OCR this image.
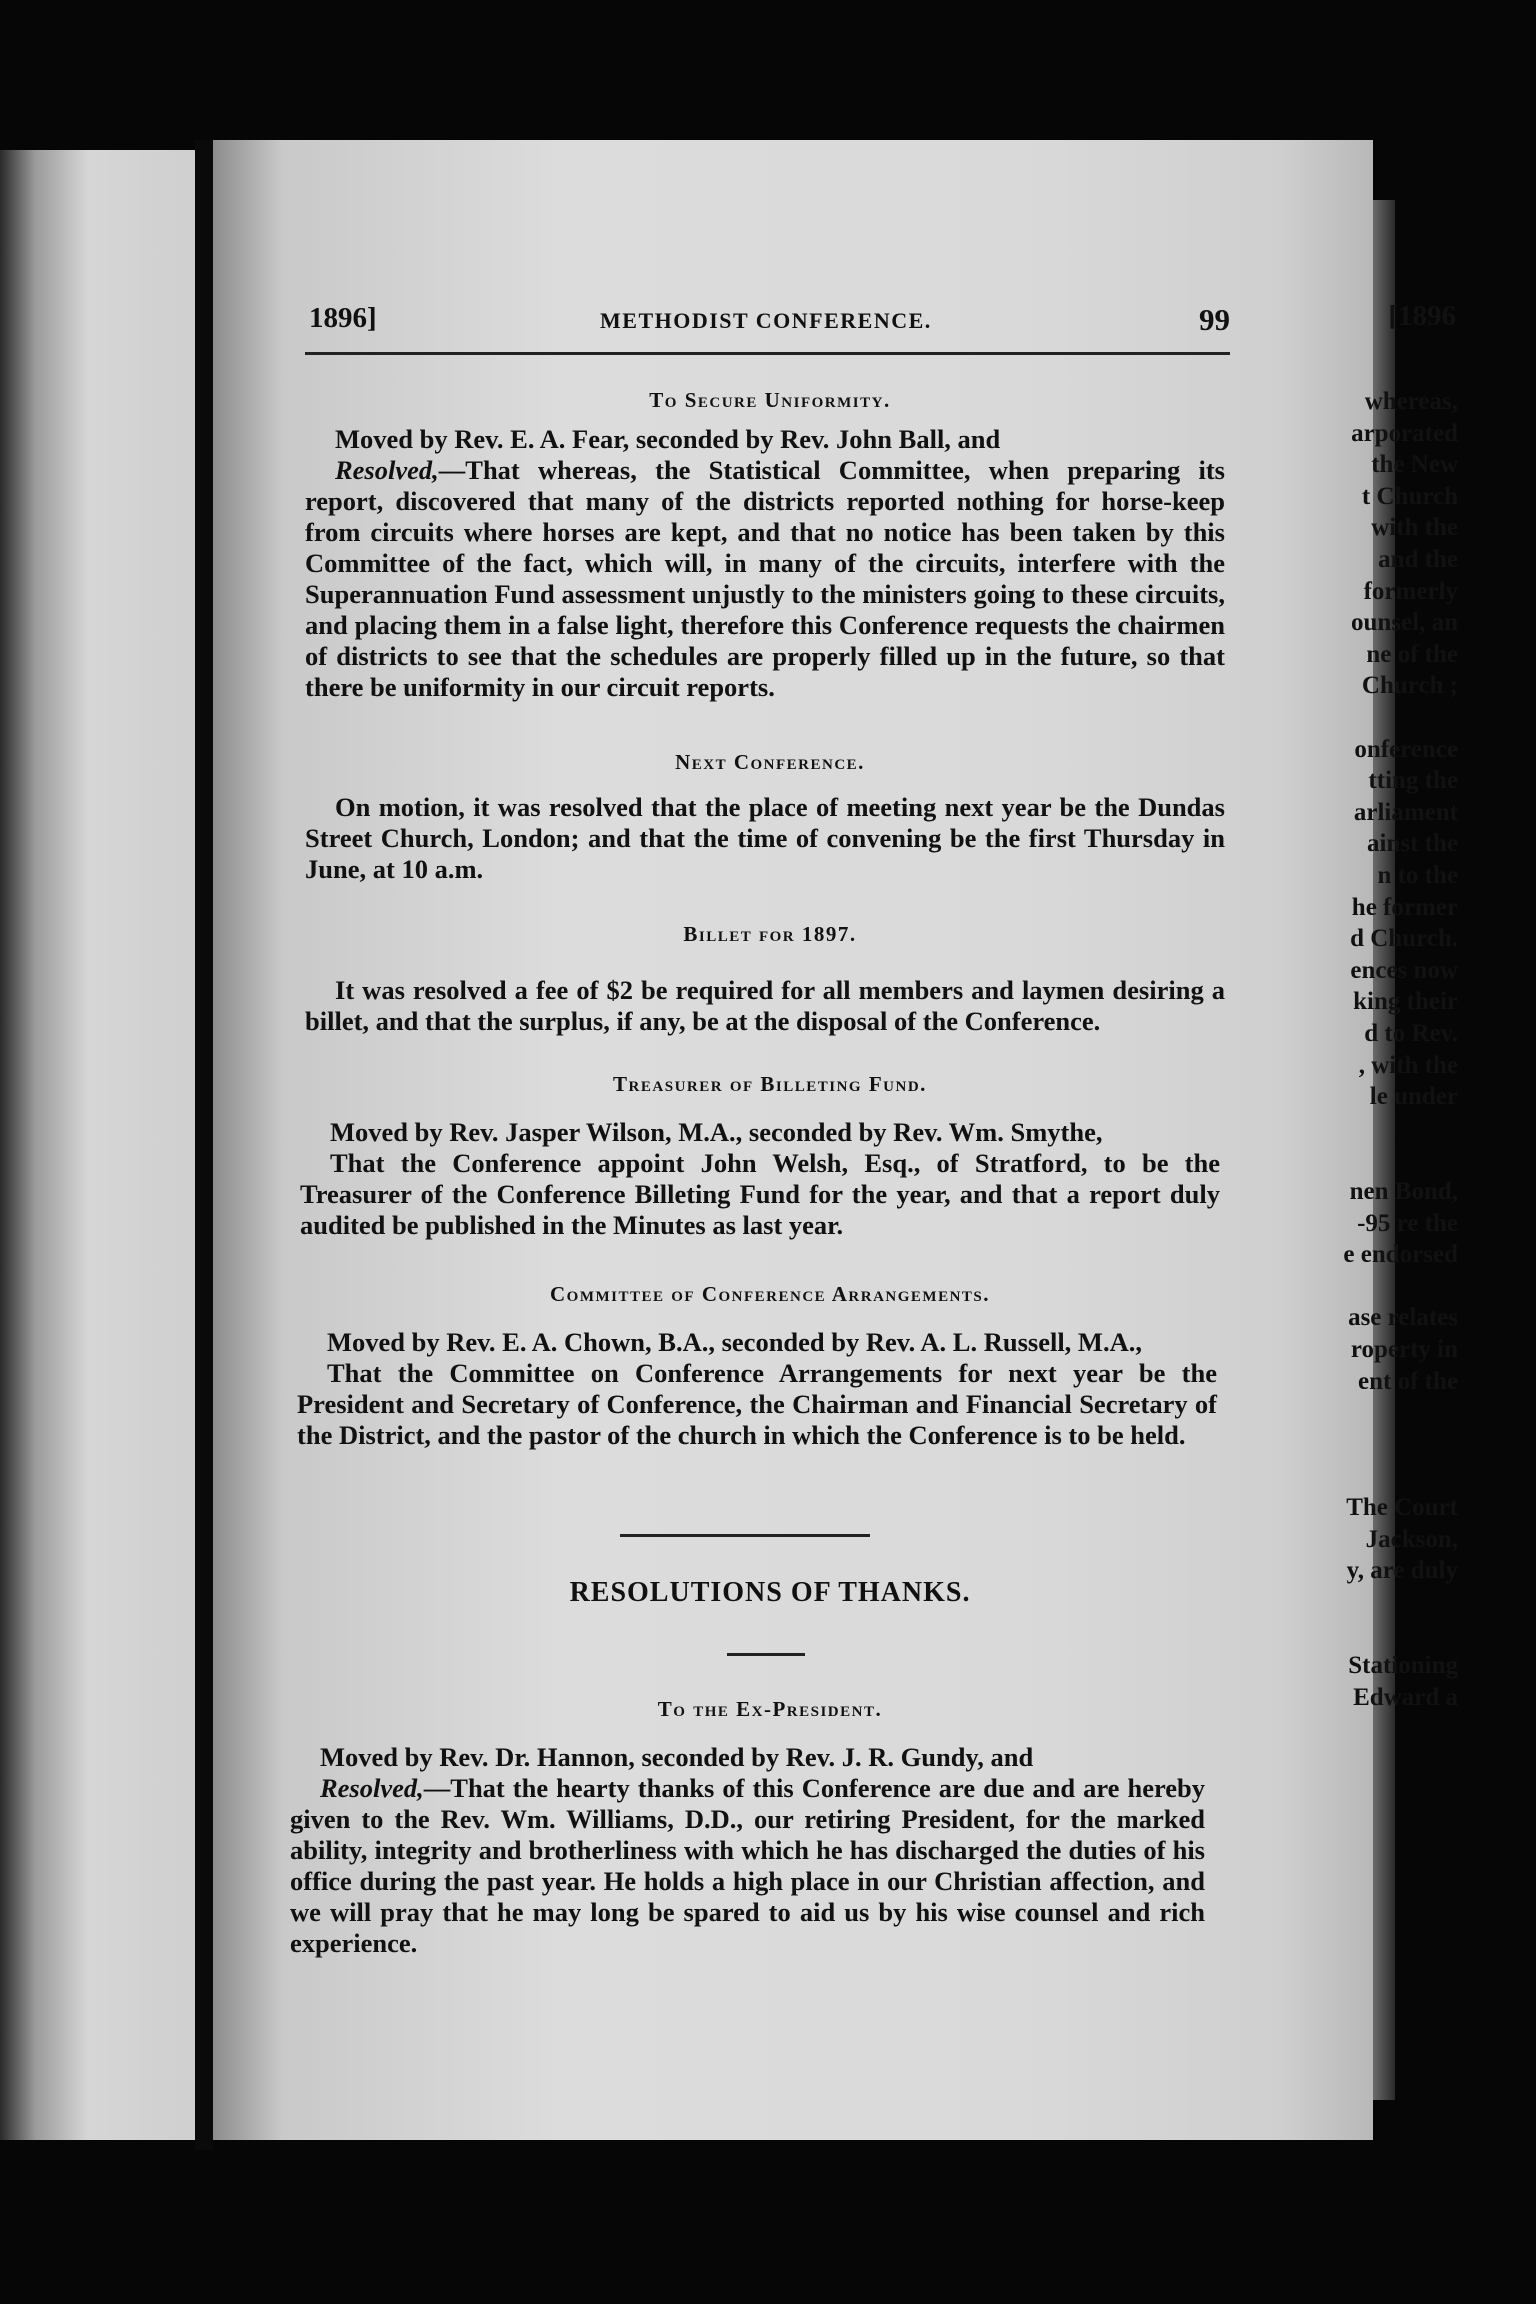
[1896
whereas,
arporated
the New
t Church
with the
and the
formerly
ounsel, an
ne of the
Church ;
onference
tting the
arliament
ainst the
n to the
he former
d Church.
ences now
king their
d to Rev.
, with the
le under
nen Bond,
-95 re the
e endorsed
ase relates
roperty in
ent of the
The Court
Jackson,
y, are duly
Stationing
Edward a
1896]	METHODIST CONFERENCE.	99
To Secure Uniformity.
Moved by Rev. E. A. Fear, seconded by Rev. John Ball, and
Resolved,—That whereas, the Statistical Committee, when preparing its report, discovered that many of the districts reported nothing for horse-keep from circuits where horses are kept, and that no notice has been taken by this Committee of the fact, which will, in many of the circuits, interfere with the Superannuation Fund assessment unjustly to the ministers going to these circuits, and placing them in a false light, therefore this Conference requests the chairmen of districts to see that the schedules are properly filled up in the future, so that there be uniformity in our circuit reports.
Next Conference.
On motion, it was resolved that the place of meeting next year be the Dundas Street Church, London; and that the time of convening be the first Thursday in June, at 10 a.m.
Billet for 1897.
It was resolved a fee of $2 be required for all members and laymen desiring a billet, and that the surplus, if any, be at the disposal of the Conference.
Treasurer of Billeting Fund.
Moved by Rev. Jasper Wilson, M.A., seconded by Rev. Wm. Smythe,
That the Conference appoint John Welsh, Esq., of Stratford, to be the Treasurer of the Conference Billeting Fund for the year, and that a report duly audited be published in the Minutes as last year.
Committee of Conference Arrangements.
Moved by Rev. E. A. Chown, B.A., seconded by Rev. A. L. Russell, M.A.,
That the Committee on Conference Arrangements for next year be the President and Secretary of Conference, the Chairman and Financial Secretary of the District, and the pastor of the church in which the Conference is to be held.
RESOLUTIONS OF THANKS.
To the Ex-President.
Moved by Rev. Dr. Hannon, seconded by Rev. J. R. Gundy, and
Resolved,—That the hearty thanks of this Conference are due and are hereby given to the Rev. Wm. Williams, D.D., our retiring President, for the marked ability, integrity and brotherliness with which he has discharged the duties of his office during the past year. He holds a high place in our Christian affection, and we will pray that he may long be spared to aid us by his wise counsel and rich experience.
